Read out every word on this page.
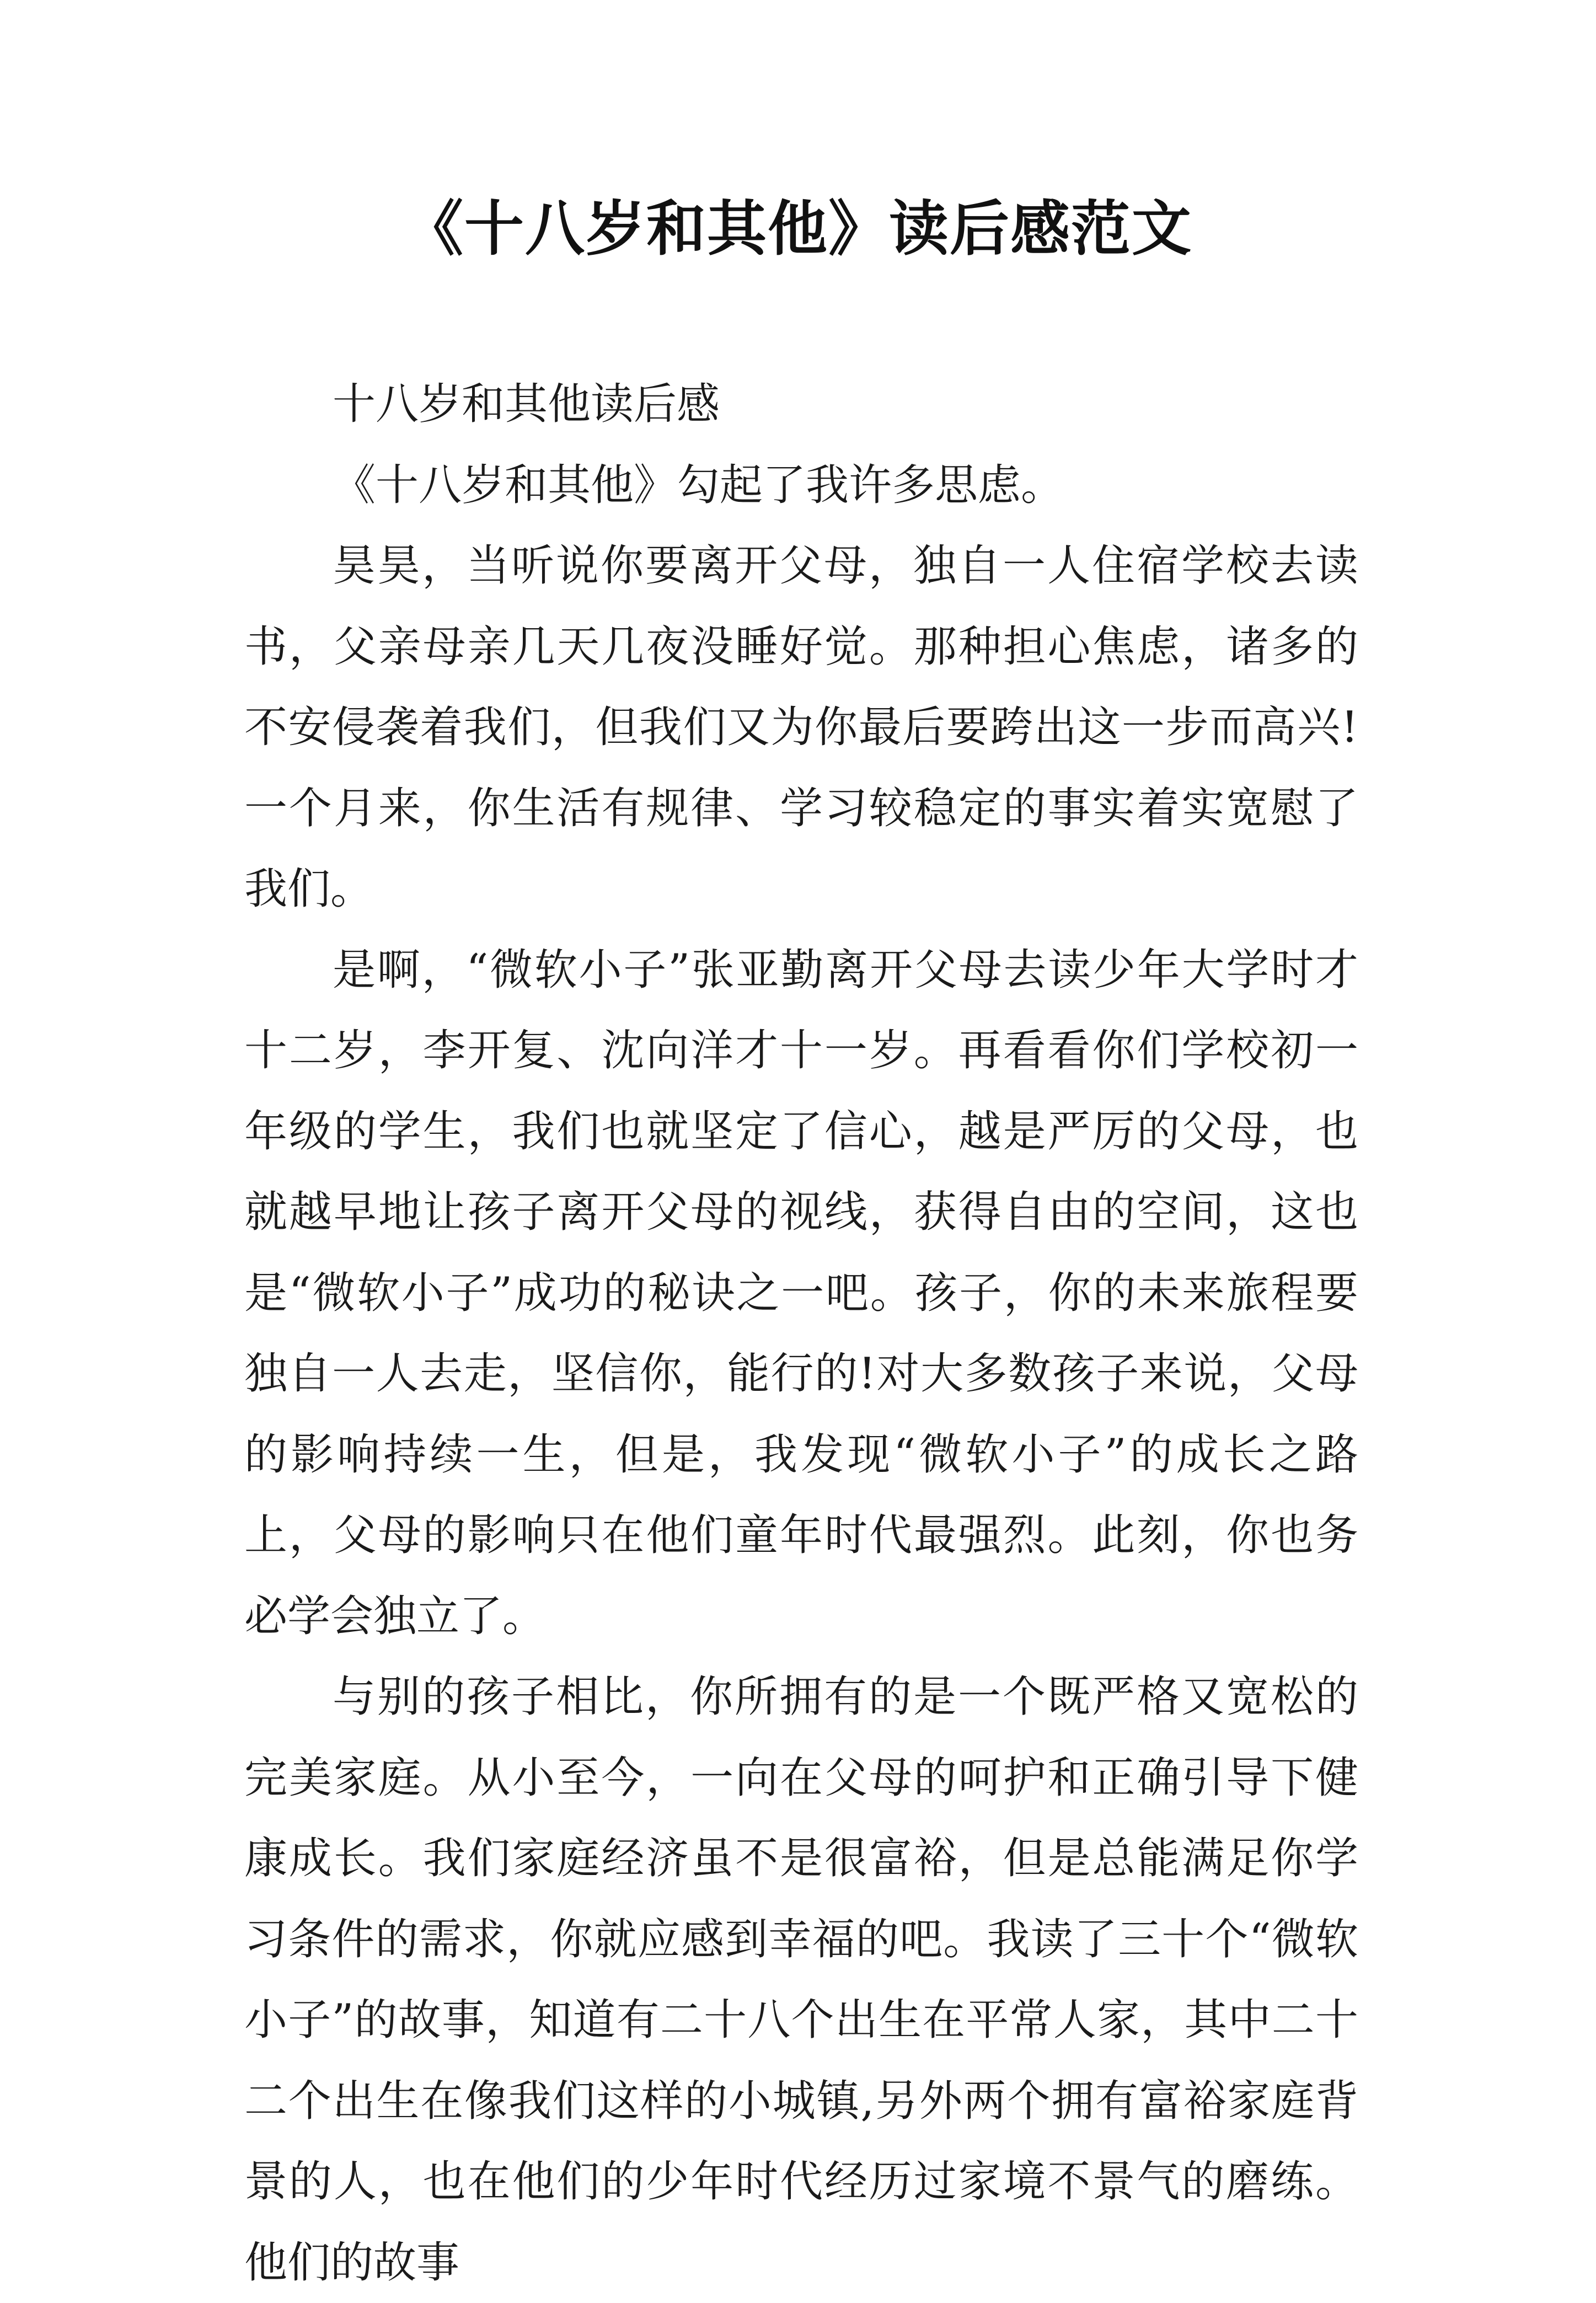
《十八岁和其他》读后感范文

十八岁和其他读后感

《十八岁和其他》勾起了我许多思虑。

昊昊，当听说你要离开父母，独自一人住宿学校去读书，父亲母亲几天几夜没睡好觉。那种担心焦虑，诸多的不安侵袭着我们，但我们又为你最后要跨出这一步而高兴!一个月来，你生活有规律、学习较稳定的事实着实宽慰了我们。

是啊，“微软小子”张亚勤离开父母去读少年大学时才十二岁，李开复、沈向洋才十一岁。再看看你们学校初一年级的学生，我们也就坚定了信心，越是严厉的父母，也就越早地让孩子离开父母的视线，获得自由的空间，这也是“微软小子”成功的秘诀之一吧。孩子，你的未来旅程要独自一人去走，坚信你，能行的!对大多数孩子来说，父母的影响持续一生，但是，我发现“微软小子”的成长之路上，父母的影响只在他们童年时代最强烈。此刻，你也务必学会独立了。

与别的孩子相比，你所拥有的是一个既严格又宽松的完美家庭。从小至今，一向在父母的呵护和正确引导下健康成长。我们家庭经济虽不是很富裕，但是总能满足你学习条件的需求，你就应感到幸福的吧。我读了三十个“微软小子”的故事，知道有二十八个出生在平常人家，其中二十二个出生在像我们这样的小城镇,另外两个拥有富裕家庭背景的人，也在他们的少年时代经历过家境不景气的磨练。他们的故事
